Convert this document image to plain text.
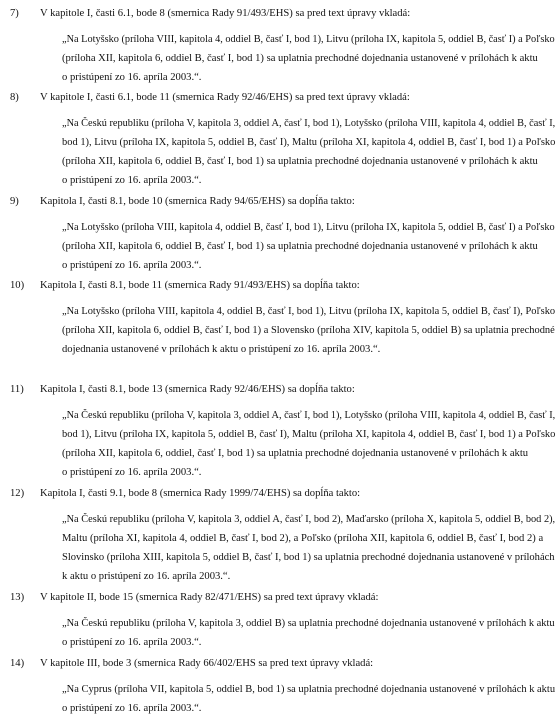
7) V kapitole I, časti 6.1, bode 8 (smernica Rady 91/493/EHS) sa pred text úpravy vkladá:
„Na Lotyšsko (príloha VIII, kapitola 4, oddiel B, časť I, bod 1), Litvu (príloha IX, kapitola 5, oddiel B, časť I) a Poľsko
(príloha XII, kapitola 6, oddiel B, časť I, bod 1) sa uplatnia prechodné dojednania ustanovené v prílohách k aktu
o pristúpení zo 16. apríla 2003.“.
8) V kapitole I, časti 6.1, bode 11 (smernica Rady 92/46/EHS) sa pred text úpravy vkladá:
„Na Českú republiku (príloha V, kapitola 3, oddiel A, časť I, bod 1), Lotyšsko (príloha VIII, kapitola 4, oddiel B, časť I,
bod 1), Litvu (príloha IX, kapitola 5, oddiel B, časť I), Maltu (príloha XI, kapitola 4, oddiel B, časť I, bod 1) a Poľsko
(príloha XII, kapitola 6, oddiel B, časť I, bod 1) sa uplatnia prechodné dojednania ustanovené v prílohách k aktu
o pristúpení zo 16. apríla 2003.“.
9) Kapitola I, časti 8.1, bode 10 (smernica Rady 94/65/EHS) sa dopĺňa takto:
„Na Lotyšsko (príloha VIII, kapitola 4, oddiel B, časť I, bod 1), Litvu (príloha IX, kapitola 5, oddiel B, časť I) a Poľsko
(príloha XII, kapitola 6, oddiel B, časť I, bod 1) sa uplatnia prechodné dojednania ustanovené v prílohách k aktu
o pristúpení zo 16. apríla 2003.“.
10) Kapitola I, časti 8.1, bode 11 (smernica Rady 91/493/EHS) sa dopĺňa takto:
„Na Lotyšsko (príloha VIII, kapitola 4, oddiel B, časť I, bod 1), Litvu (príloha IX, kapitola 5, oddiel B, časť I), Poľsko
(príloha XII, kapitola 6, oddiel B, časť I, bod 1) a Slovensko (príloha XIV, kapitola 5, oddiel B) sa uplatnia prechodné
dojednania ustanovené v prílohách k aktu o pristúpení zo 16. apríla 2003.“.
11) Kapitola I, časti 8.1, bode 13 (smernica Rady 92/46/EHS) sa dopĺňa takto:
„Na Českú republiku (príloha V, kapitola 3, oddiel A, časť I, bod 1), Lotyšsko (príloha VIII, kapitola 4, oddiel B, časť I,
bod 1), Litvu (príloha IX, kapitola 5, oddiel B, časť I), Maltu (príloha XI, kapitola 4, oddiel B, časť I, bod 1) a Poľsko
(príloha XII, kapitola 6, oddiel, časť I, bod 1) sa uplatnia prechodné dojednania ustanovené v prílohách k aktu
o pristúpení zo 16. apríla 2003.“.
12) Kapitola I, časti 9.1, bode 8 (smernica Rady 1999/74/EHS) sa dopĺňa takto:
„Na Českú republiku (príloha V, kapitola 3, oddiel A, časť I, bod 2), Maďarsko (príloha X, kapitola 5, oddiel B, bod 2),
Maltu (príloha XI, kapitola 4, oddiel B, časť I, bod 2), a Poľsko (príloha XII, kapitola 6, oddiel B, časť I, bod 2) a
Slovinsko (príloha XIII, kapitola 5, oddiel B, časť I, bod 1) sa uplatnia prechodné dojednania ustanovené v prílohách
k aktu o pristúpení zo 16. apríla 2003.“.
13) V kapitole II, bode 15 (smernica Rady 82/471/EHS) sa pred text úpravy vkladá:
„Na Českú republiku (príloha V, kapitola 3, oddiel B) sa uplatnia prechodné dojednania ustanovené v prílohách k aktu
o pristúpení zo 16. apríla 2003.“.
14) V kapitole III, bode 3 (smernica Rady 66/402/EHS sa pred text úpravy vkladá:
„Na Cyprus (príloha VII, kapitola 5, oddiel B, bod 1) sa uplatnia prechodné dojednania ustanovené v prílohách k aktu
o pristúpení zo 16. apríla 2003.“.
